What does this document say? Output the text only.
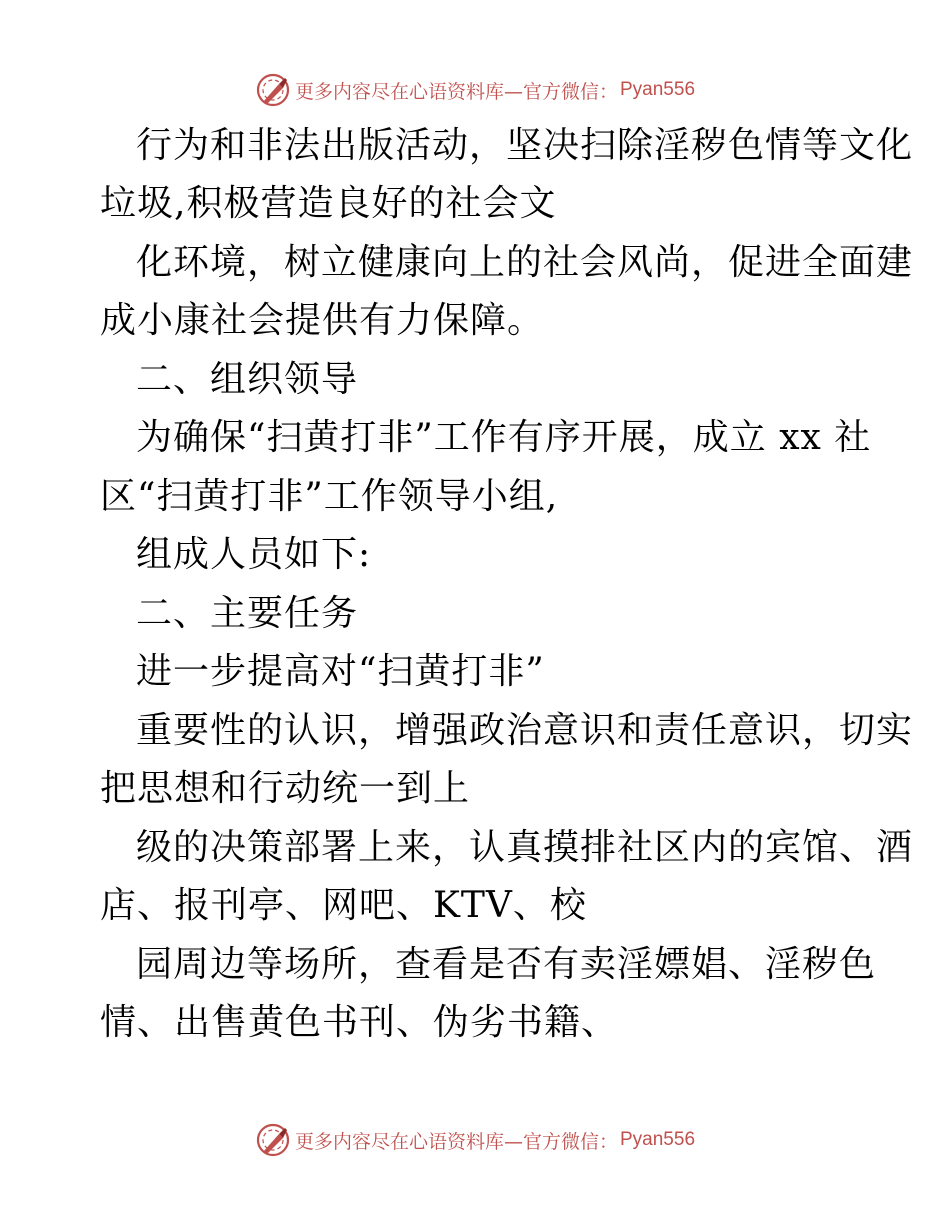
更多内容尽在心语资料库—官方微信： Pyan556
行为和非法出版活动，坚决扫除淫秽色情等文化
垃圾,积极营造良好的社会文
化环境，树立健康向上的社会风尚，促进全面建
成小康社会提供有力保障。
二、组织领导
为确保“扫黄打非”工作有序开展，成立 xx 社
区“扫黄打非”工作领导小组,
组成人员如下:
二、主要任务
进一步提高对“扫黄打非”
重要性的认识，增强政治意识和责任意识，切实
把思想和行动统一到上
级的决策部署上来，认真摸排社区内的宾馆、酒
店、报刊亭、网吧、KTV、校
园周边等场所，查看是否有卖淫嫖娼、淫秽色
情、出售黄色书刊、伪劣书籍、
更多内容尽在心语资料库—官方微信： Pyan556
